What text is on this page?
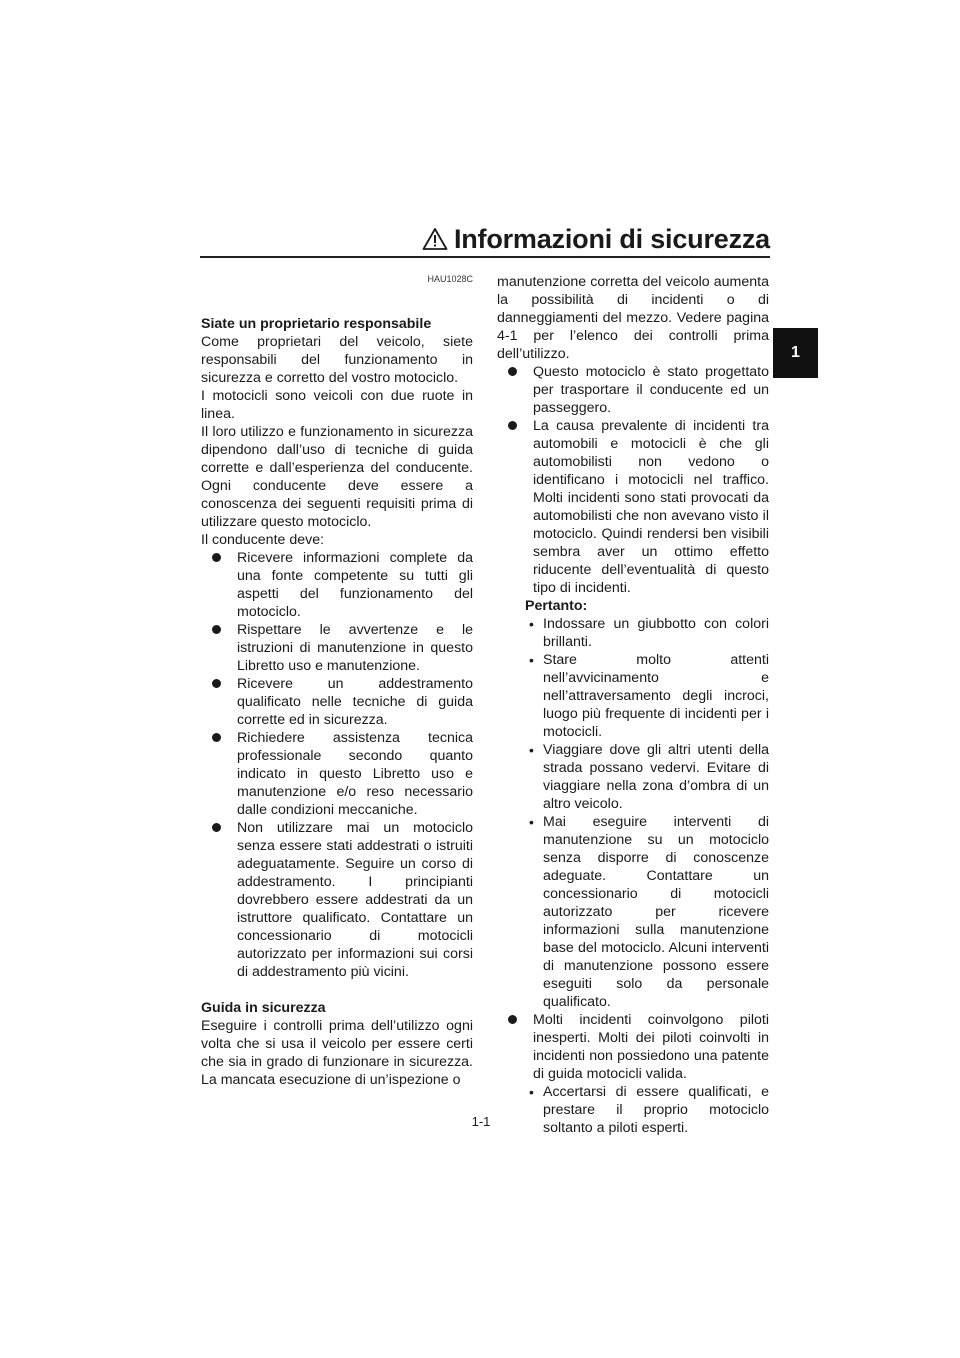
Informazioni di sicurezza
1
HAU1028C

Siate un proprietario responsabile

Come proprietari del veicolo, siete responsabili del funzionamento in sicurezza e corretto del vostro motociclo.

I motocicli sono veicoli con due ruote in linea.

Il loro utilizzo e funzionamento in sicurezza dipendono dall’uso di tecniche di guida corrette e dall’esperienza del conducente. Ogni conducente deve essere a conoscenza dei seguenti requisiti prima di utilizzare questo motociclo.

Il conducente deve:

Ricevere informazioni complete da una fonte competente su tutti gli aspetti del funzionamento del motociclo.
Rispettare le avvertenze e le istruzioni di manutenzione in questo Libretto uso e manutenzione.
Ricevere un addestramento qualificato nelle tecniche di guida corrette ed in sicurezza.
Richiedere assistenza tecnica professionale secondo quanto indicato in questo Libretto uso e manutenzione e/o reso necessario dalle condizioni meccaniche.
Non utilizzare mai un motociclo senza essere stati addestrati o istruiti adeguatamente. Seguire un corso di addestramento. I principianti dovrebbero essere addestrati da un istruttore qualificato. Contattare un concessionario di motocicli autorizzato per informazioni sui corsi di addestramento più vicini.

Guida in sicurezza

Eseguire i controlli prima dell’utilizzo ogni volta che si usa il veicolo per essere certi che sia in grado di funzionare in sicurezza. La mancata esecuzione di un’ispezione o

manutenzione corretta del veicolo aumenta la possibilità di incidenti o di danneggiamenti del mezzo. Vedere pagina 4-1 per l’elenco dei controlli prima dell’utilizzo.

Questo motociclo è stato progettato per trasportare il conducente ed un passeggero.
La causa prevalente di incidenti tra automobili e motocicli è che gli automobilisti non vedono o identificano i motocicli nel traffico. Molti incidenti sono stati provocati da automobilisti che non avevano visto il motociclo. Quindi rendersi ben visibili sembra aver un ottimo effetto riducente dell’eventualità di questo tipo di incidenti.

Pertanto:

• Indossare un giubbotto con colori brillanti.
• Stare molto attenti nell’avvicinamento e nell’attraversamento degli incroci, luogo più frequente di incidenti per i motocicli.
• Viaggiare dove gli altri utenti della strada possano vedervi. Evitare di viaggiare nella zona d’ombra di un altro veicolo.
• Mai eseguire interventi di manutenzione su un motociclo senza disporre di conoscenze adeguate. Contattare un concessionario di motocicli autorizzato per ricevere informazioni sulla manutenzione base del motociclo. Alcuni interventi di manutenzione possono essere eseguiti solo da personale qualificato.
Molti incidenti coinvolgono piloti inesperti. Molti dei piloti coinvolti in incidenti non possiedono una patente di guida motocicli valida.
• Accertarsi di essere qualificati, e prestare il proprio motociclo soltanto a piloti esperti.
1-1
